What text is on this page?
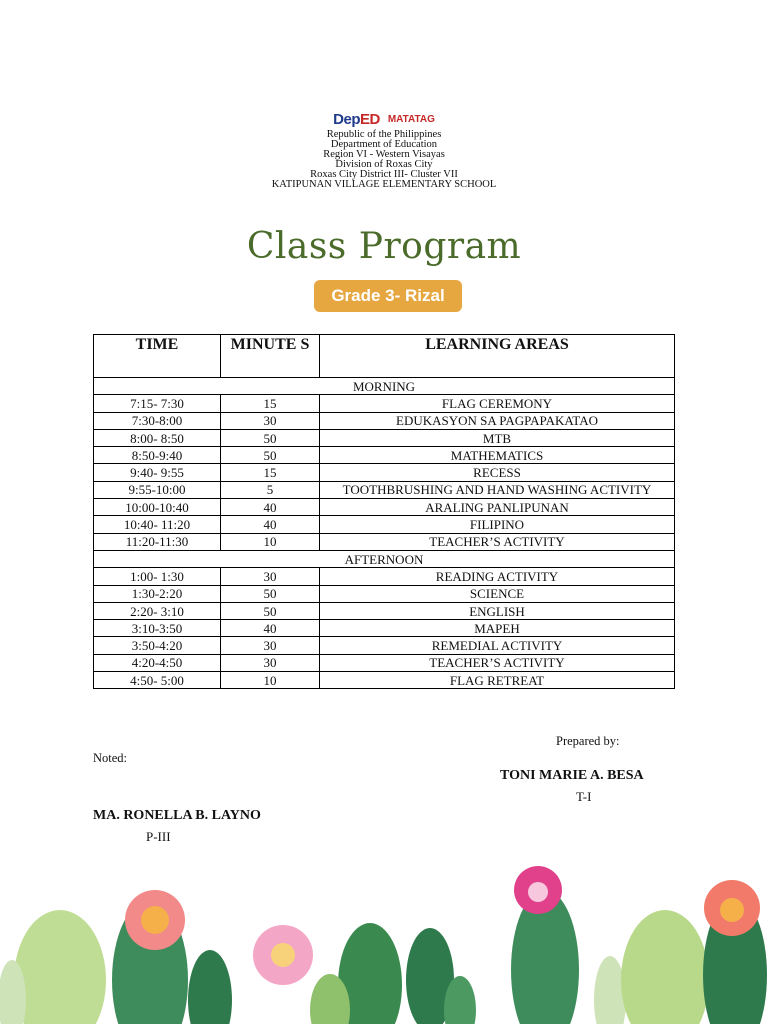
DepED MATATAG
Republic of the Philippines
Department of Education
Region VI - Western Visayas
Division of Roxas City
Roxas City District III- Cluster VII
KATIPUNAN VILLAGE ELEMENTARY SCHOOL
Class Program
Grade 3- Rizal
TIME	MINUTE S	LEARNING AREAS
MORNING		
7:15- 7:30	15	FLAG CEREMONY
7:30-8:00	30	EDUKASYON SA PAGPAPAKATAO
8:00- 8:50	50	MTB
8:50-9:40	50	MATHEMATICS
9:40- 9:55	15	RECESS
9:55-10:00	5	TOOTHBRUSHING AND HAND WASHING ACTIVITY
10:00-10:40	40	ARALING PANLIPUNAN
10:40- 11:20	40	FILIPINO
11:20-11:30	10	TEACHER’S ACTIVITY
AFTERNOON		
1:00- 1:30	30	READING ACTIVITY
1:30-2:20	50	SCIENCE
2:20- 3:10	50	ENGLISH
3:10-3:50	40	MAPEH
3:50-4:20	30	REMEDIAL ACTIVITY
4:20-4:50	30	TEACHER’S ACTIVITY
4:50- 5:00	10	FLAG RETREAT
Prepared by:
Noted:
TONI MARIE A. BESA
T-I
MA. RONELLA B. LAYNO
P-III
